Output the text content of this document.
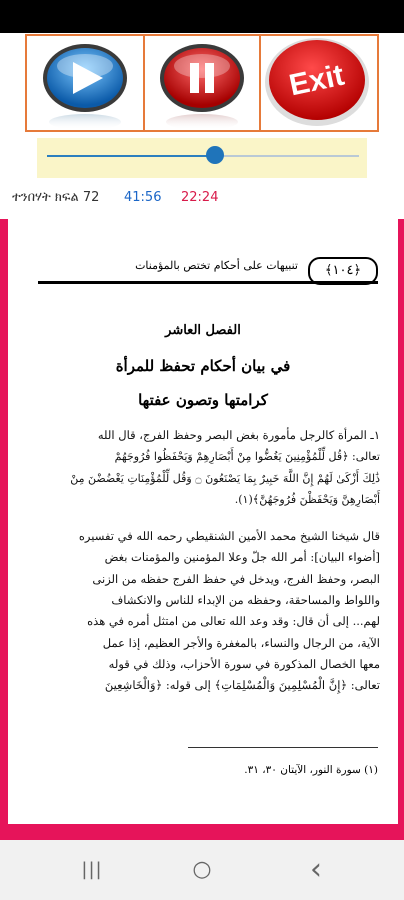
Exit
ተንበሃት ክፍል 72 41:56 22:24
﴿١٠٤﴾
تنبيهات على أحكام تختص بالمؤمنات
الفصل العاشر
في بيان أحكام تحفظ للمرأة
كرامتها وتصون عفتها
١ـ المرأة كالرجل مأمورة بغض البصر وحفظ الفرج، قال الله
تعالى: ﴿قُل لِّلْمُؤْمِنِينَ يَغُضُّوا مِنْ أَبْصَارِهِمْ وَيَحْفَظُوا فُرُوجَهُمْ
ذَٰلِكَ أَزْكَىٰ لَهُمْ إِنَّ اللَّهَ خَبِيرٌ بِمَا يَصْنَعُونَ ۝ وَقُل لِّلْمُؤْمِنَاتِ يَغْضُضْنَ مِنْ
أَبْصَارِهِنَّ وَيَحْفَظْنَ فُرُوجَهُنَّ﴾(١).
قال شيخنا الشيخ محمد الأمين الشنقيطي رحمه الله في تفسيره
[أضواء البيان]: أمر الله جلّ وعلا المؤمنين والمؤمنات بغض
البصر، وحفظ الفرج، ويدخل في حفظ الفرج حفظه من الزنى
واللواط والمساحقة، وحفظه من الإبداء للناس والانكشاف
لهم... إلى أن قال: وقد وعد الله تعالى من امتثل أمره في هذه
الآية، من الرجال والنساء، بالمغفرة والأجر العظيم، إذا عمل
معها الخصال المذكورة في سورة الأحزاب، وذلك في قوله
تعالى: ﴿إِنَّ الْمُسْلِمِينَ وَالْمُسْلِمَاتِ﴾ إلى قوله: ﴿وَالْخَاشِعِينَ
(١) سورة النور، الآيتان ٣٠، ٣١.
|||	○	‹
